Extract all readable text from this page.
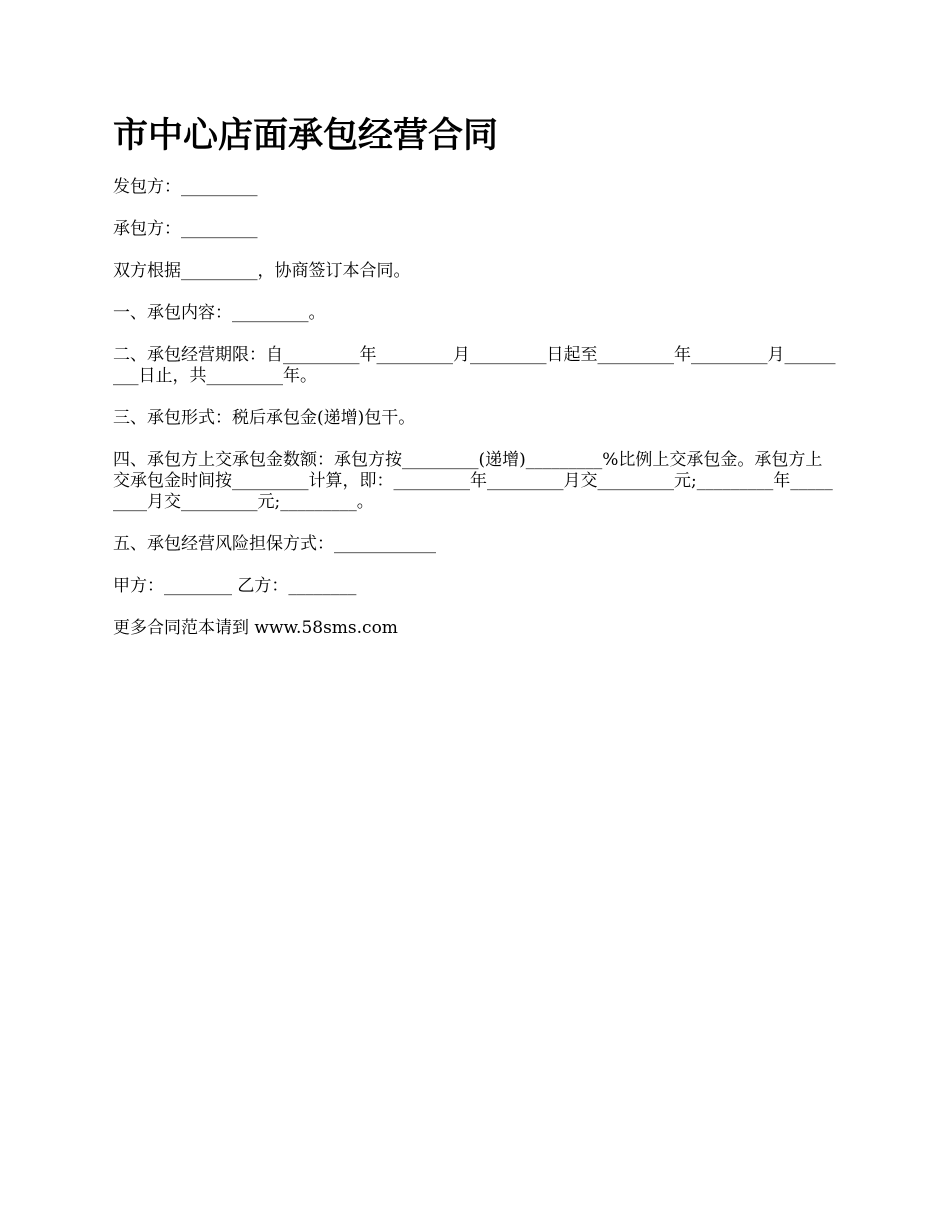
市中心店面承包经营合同

发包方：_________

承包方：_________

双方根据_________，协商签订本合同。

一、承包内容：_________。

二、承包经营期限：自_________年_________月_________日起至_________年_________月_________日止，共_________年。

三、承包形式：税后承包金(递增)包干。

四、承包方上交承包金数额：承包方按_________(递增)_________%比例上交承包金。承包方上交承包金时间按_________计算，即：_________年_________月交_________元;_________年_________月交_________元;_________。

五、承包经营风险担保方式：____________

甲方：________ 乙方：________

更多合同范本请到 www.58sms.com
